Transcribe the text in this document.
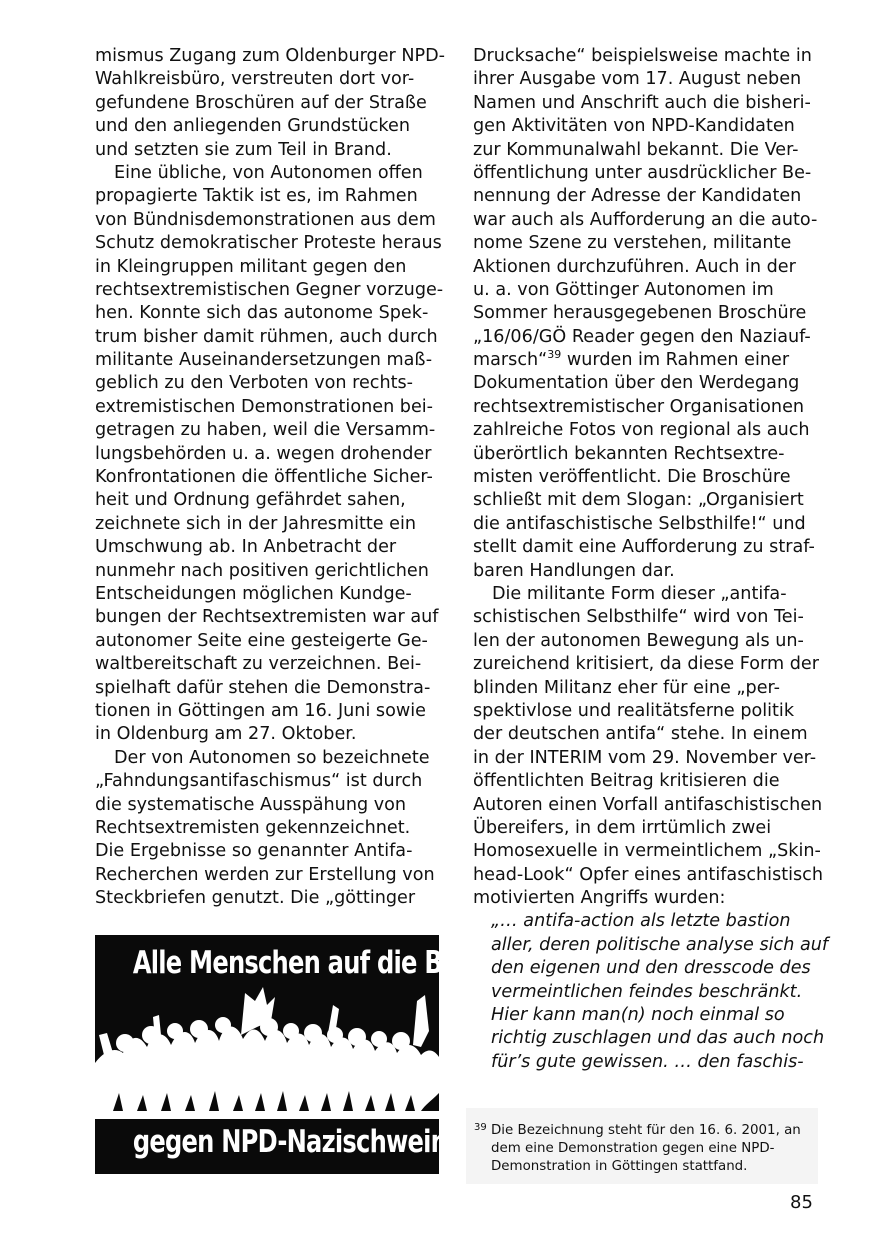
mismus Zugang zum Oldenburger NPD-
Wahlkreisbüro, verstreuten dort vor-
gefundene Broschüren auf der Straße
und den anliegenden Grundstücken
und setzten sie zum Teil in Brand.
Eine übliche, von Autonomen offen
propagierte Taktik ist es, im Rahmen
von Bündnisdemonstrationen aus dem
Schutz demokratischer Proteste heraus
in Kleingruppen militant gegen den
rechtsextremistischen Gegner vorzuge-
hen. Konnte sich das autonome Spek-
trum bisher damit rühmen, auch durch
militante Auseinandersetzungen maß-
geblich zu den Verboten von rechts-
extremistischen Demonstrationen bei-
getragen zu haben, weil die Versamm-
lungsbehörden u. a. wegen drohender
Konfrontationen die öffentliche Sicher-
heit und Ordnung gefährdet sahen,
zeichnete sich in der Jahresmitte ein
Umschwung ab. In Anbetracht der
nunmehr nach positiven gerichtlichen
Entscheidungen möglichen Kundge-
bungen der Rechtsextremisten war auf
autonomer Seite eine gesteigerte Ge-
waltbereitschaft zu verzeichnen. Bei-
spielhaft dafür stehen die Demonstra-
tionen in Göttingen am 16. Juni sowie
in Oldenburg am 27. Oktober.
Der von Autonomen so bezeichnete
„Fahndungsantifaschismus“ ist durch
die systematische Ausspähung von
Rechtsextremisten gekennzeichnet.
Die Ergebnisse so genannter Antifa-
Recherchen werden zur Erstellung von
Steckbriefen genutzt. Die „göttinger
Alle Menschen auf die Beine
gegen NPD-Nazischweine
Drucksache“ beispielsweise machte in
ihrer Ausgabe vom 17. August neben
Namen und Anschrift auch die bisheri-
gen Aktivitäten von NPD-Kandidaten
zur Kommunalwahl bekannt. Die Ver-
öffentlichung unter ausdrücklicher Be-
nennung der Adresse der Kandidaten
war auch als Aufforderung an die auto-
nome Szene zu verstehen, militante
Aktionen durchzuführen. Auch in der
u. a. von Göttinger Autonomen im
Sommer herausgegebenen Broschüre
„16/06/GÖ Reader gegen den Naziauf-
marsch“$^{39}$ wurden im Rahmen einer
Dokumentation über den Werdegang
rechtsextremistischer Organisationen
zahlreiche Fotos von regional als auch
überörtlich bekannten Rechtsextre-
misten veröffentlicht. Die Broschüre
schließt mit dem Slogan: „Organisiert
die antifaschistische Selbsthilfe!“ und
stellt damit eine Aufforderung zu straf-
baren Handlungen dar.
Die militante Form dieser „antifa-
schistischen Selbsthilfe“ wird von Tei-
len der autonomen Bewegung als un-
zureichend kritisiert, da diese Form der
blinden Militanz eher für eine „per-
spektivlose und realitätsferne politik
der deutschen antifa“ stehe. In einem
in der INTERIM vom 29. November ver-
öffentlichten Beitrag kritisieren die
Autoren einen Vorfall antifaschistischen
Übereifers, in dem irrtümlich zwei
Homosexuelle in vermeintlichem „Skin-
head-Look“ Opfer eines antifaschistisch
motivierten Angriffs wurden:
„… antifa-action als letzte bastion
aller, deren politische analyse sich auf
den eigenen und den dresscode des
vermeintlichen feindes beschränkt.
Hier kann man(n) noch einmal so
richtig zuschlagen und das auch noch
für’s gute gewissen. … den faschis-
39 Die Bezeichnung steht für den 16. 6. 2001, an
dem eine Demonstration gegen eine NPD-
Demonstration in Göttingen stattfand.
85
